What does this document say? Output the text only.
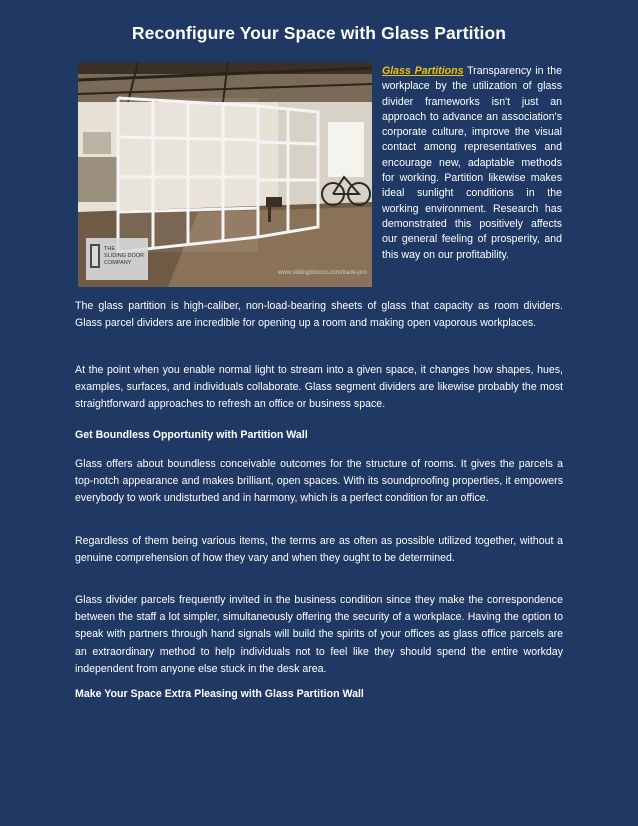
Reconfigure Your Space with Glass Partition
THE
SLIDING DOOR
COMPANY
www.slidingdoorco.com/trade-pro

Glass Partitions Transparency in the workplace by the utilization of glass divider frameworks isn't just an approach to advance an association's corporate culture, improve the visual contact among representatives and encourage new, adaptable methods for working. Partition likewise makes ideal sunlight conditions in the working environment. Research has demonstrated this positively affects our general feeling of prosperity, and this way on our profitability.

The glass partition is high-caliber, non-load-bearing sheets of glass that capacity as room dividers. Glass parcel dividers are incredible for opening up a room and making open vaporous workplaces.

At the point when you enable normal light to stream into a given space, it changes how shapes, hues, examples, surfaces, and individuals collaborate. Glass segment dividers are likewise probably the most straightforward approaches to refresh an office or business space.

Get Boundless Opportunity with Partition Wall

Glass offers about boundless conceivable outcomes for the structure of rooms. It gives the parcels a top-notch appearance and makes brilliant, open spaces. With its soundproofing properties, it empowers everybody to work undisturbed and in harmony, which is a perfect condition for an office.

Regardless of them being various items, the terms are as often as possible utilized together, without a genuine comprehension of how they vary and when they ought to be determined.

Glass divider parcels frequently invited in the business condition since they make the correspondence between the staff a lot simpler, simultaneously offering the security of a workplace. Having the option to speak with partners through hand signals will build the spirits of your offices as glass office parcels are an extraordinary method to help individuals not to feel like they should spend the entire workday independent from anyone else stuck in the desk area.

Make Your Space Extra Pleasing with Glass Partition Wall
